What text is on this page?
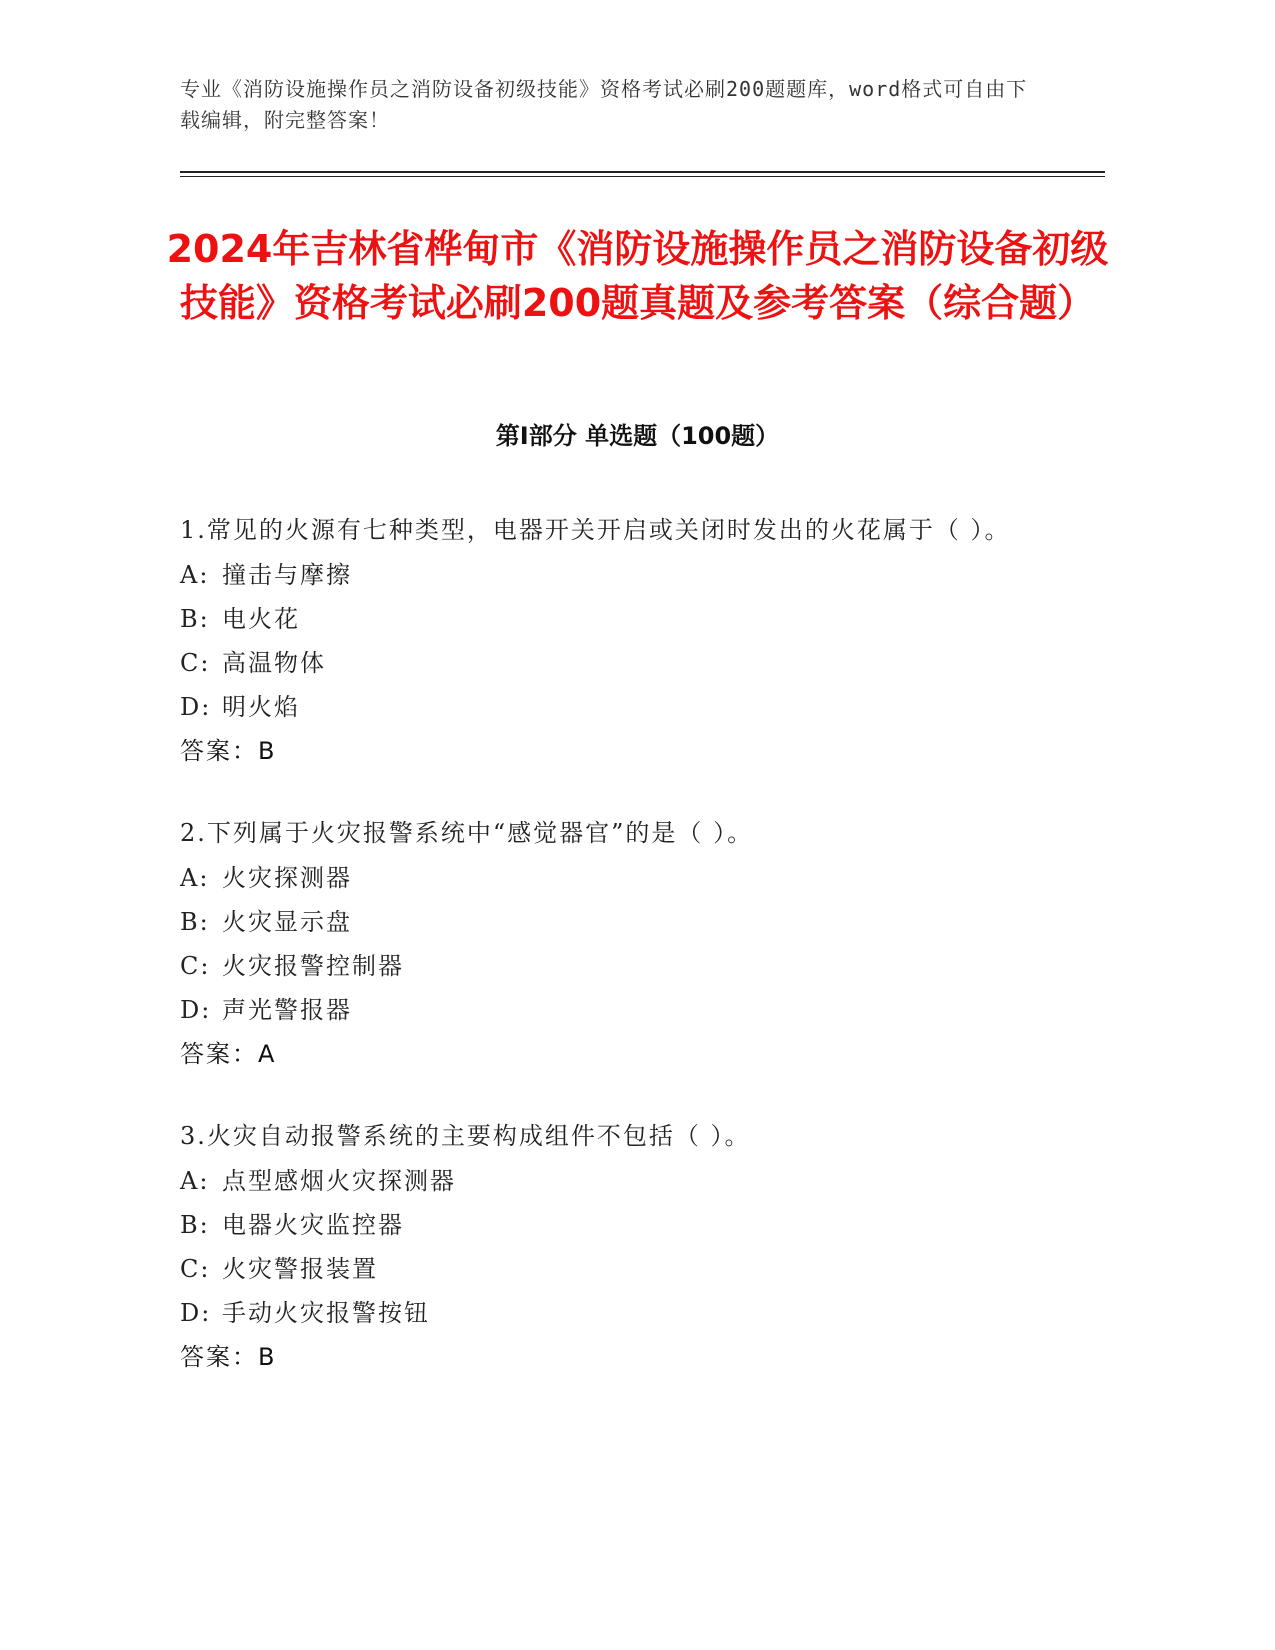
专业《消防设施操作员之消防设备初级技能》资格考试必刷200题题库，word格式可自由下载编辑，附完整答案！
2024年吉林省桦甸市《消防设施操作员之消防设备初级技能》资格考试必刷200题真题及参考答案（综合题）
第I部分 单选题（100题）
1.常见的火源有七种类型，电器开关开启或关闭时发出的火花属于（ ）。
A: 撞击与摩擦
B: 电火花
C: 高温物体
D: 明火焰
答案：B
2.下列属于火灾报警系统中“感觉器官”的是（ ）。
A: 火灾探测器
B: 火灾显示盘
C: 火灾报警控制器
D: 声光警报器
答案：A
3.火灾自动报警系统的主要构成组件不包括（ ）。
A: 点型感烟火灾探测器
B: 电器火灾监控器
C: 火灾警报装置
D: 手动火灾报警按钮
答案：B
